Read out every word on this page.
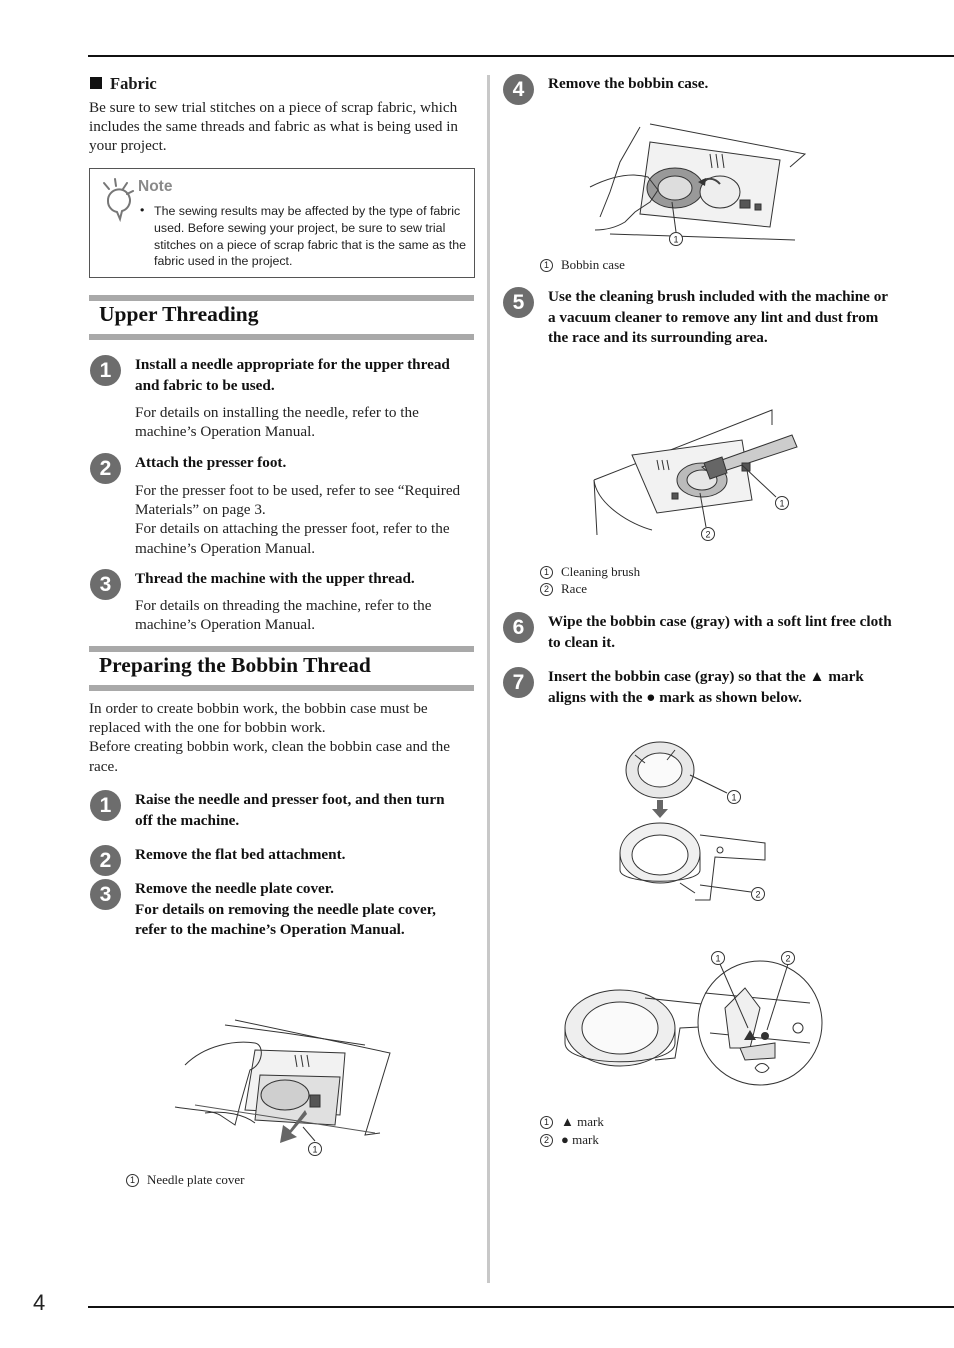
4
Fabric
Be sure to sew trial stitches on a piece of scrap fabric, which includes the same threads and fabric as what is being used in your project.
Note
• The sewing results may be affected by the type of fabric used. Before sewing your project, be sure to sew trial stitches on a piece of scrap fabric that is the same as the fabric used in the project.
Upper Threading
1	Install a needle appropriate for the upper thread and fabric to be used.
For details on installing the needle, refer to the machine’s Operation Manual.
2	Attach the presser foot.
For the presser foot to be used, refer to see “Required Materials” on page 3.
For details on attaching the presser foot, refer to the machine’s Operation Manual.
3	Thread the machine with the upper thread.
For details on threading the machine, refer to the machine’s Operation Manual.
Preparing the Bobbin Thread
In order to create bobbin work, the bobbin case must be replaced with the one for bobbin work.
Before creating bobbin work, clean the bobbin case and the race.
1	Raise the needle and presser foot, and then turn off the machine.
2	Remove the flat bed attachment.
3	Remove the needle plate cover.
For details on removing the needle plate cover, refer to the machine’s Operation Manual.
1
1 Needle plate cover
4	Remove the bobbin case.
1
1 Bobbin case
5	Use the cleaning brush included with the machine or a vacuum cleaner to remove any lint and dust from the race and its surrounding area.
1
2
1 Cleaning brush
2 Race
6	Wipe the bobbin case (gray) with a soft lint free cloth to clean it.
7	Insert the bobbin case (gray) so that the ▲ mark aligns with the ● mark as shown below.
1
2
1	2
1 ▲ mark
2 ● mark
